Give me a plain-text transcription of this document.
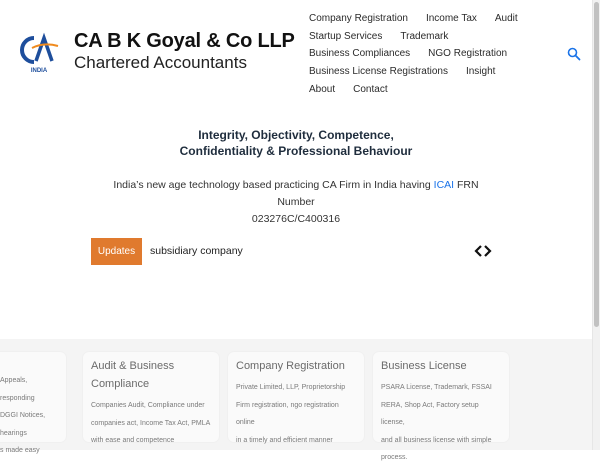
INDIA
CA B K Goyal & Co LLP
Chartered Accountants
Company Registration Income Tax Audit
Startup Services Trademark
Business Compliances NGO Registration
Business License Registrations Insight
About Contact
Integrity, Objectivity, Competence,
Confidentiality & Professional Behaviour
India’s new age technology based practicing CA Firm in India having ICAI FRN Number
023276C/C400316
Updates	subsidiary company

Appeals, responding

DGGI Notices, hearings

s made easy

Audit & Business Compliance

Companies Audit, Compliance under

companies act, Income Tax Act, PMLA

with ease and competence

Company Registration

Private Limited, LLP, Proprietorship

Firm registration, ngo registration online

in a timely and efficient manner

Business License

PSARA License, Trademark, FSSAI

RERA, Shop Act, Factory setup license,

and all business license with simple

process.
